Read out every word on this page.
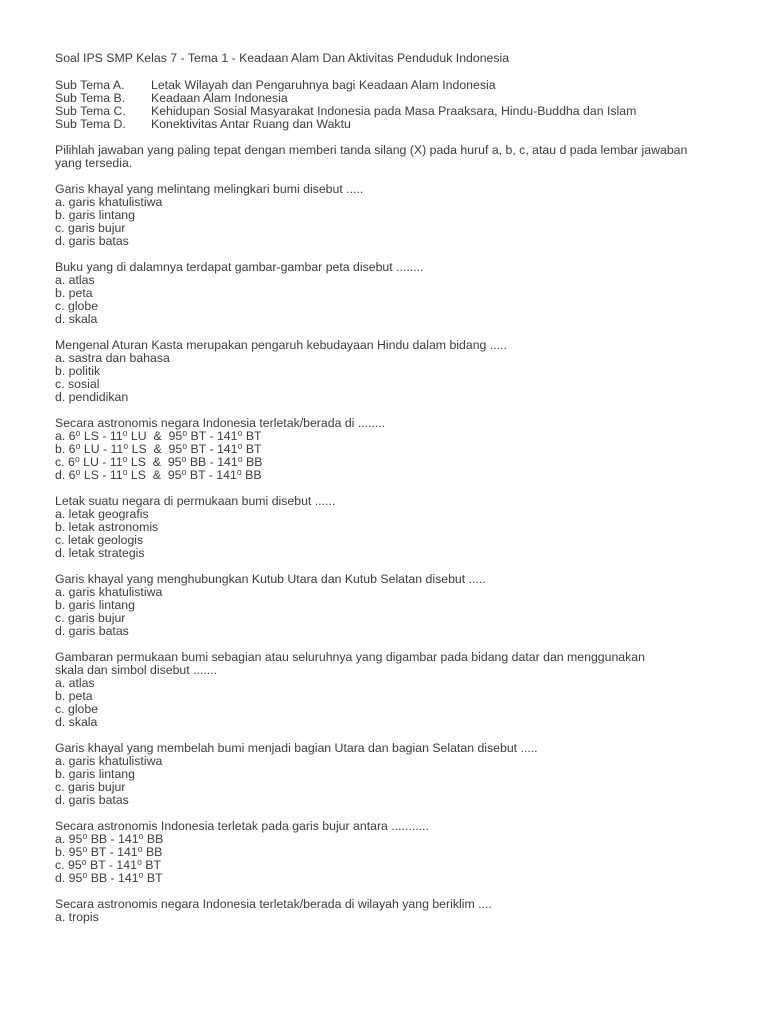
Soal IPS SMP Kelas 7 - Tema 1 - Keadaan Alam Dan Aktivitas Penduduk Indonesia
Sub Tema A. Letak Wilayah dan Pengaruhnya bagi Keadaan Alam Indonesia
Sub Tema B. Keadaan Alam Indonesia
Sub Tema C. Kehidupan Sosial Masyarakat Indonesia pada Masa Praaksara, Hindu-Buddha dan Islam
Sub Tema D. Konektivitas Antar Ruang dan Waktu

Pilihlah jawaban yang paling tepat dengan memberi tanda silang (X) pada huruf a, b, c, atau d pada lembar jawaban yang tersedia.

Garis khayal yang melintang melingkari bumi disebut .....

a. garis khatulistiwa
b. garis lintang
c. garis bujur
d. garis batas

Buku yang di dalamnya terdapat gambar-gambar peta disebut ........

a. atlas
b. peta
c. globe
d. skala

Mengenal Aturan Kasta merupakan pengaruh kebudayaan Hindu dalam bidang .....

a. sastra dan bahasa
b. politik
c. sosial
d. pendidikan

Secara astronomis negara Indonesia terletak/berada di ........

a. 6⁰ LS - 11⁰ LU  &  95⁰ BT - 141⁰ BT
b. 6⁰ LU - 11⁰ LS  &  95⁰ BT - 141⁰ BT
c. 6⁰ LU - 11⁰ LS  &  95⁰ BB - 141⁰ BB
d. 6⁰ LS - 11⁰ LS  &  95⁰ BT - 141⁰ BB

Letak suatu negara di permukaan bumi disebut ......

a. letak geografis
b. letak astronomis
c. letak geologis
d. letak strategis

Garis khayal yang menghubungkan Kutub Utara dan Kutub Selatan disebut .....

a. garis khatulistiwa
b. garis lintang
c. garis bujur
d. garis batas

Gambaran permukaan bumi sebagian atau seluruhnya yang digambar pada bidang datar dan menggunakan skala dan simbol disebut .......

a. atlas
b. peta
c. globe
d. skala

Garis khayal yang membelah bumi menjadi bagian Utara dan bagian Selatan disebut .....

a. garis khatulistiwa
b. garis lintang
c. garis bujur
d. garis batas

Secara astronomis Indonesia terletak pada garis bujur antara ...........

a. 95⁰ BB - 141⁰ BB
b. 95⁰ BT - 141⁰ BB
c. 95⁰ BT - 141⁰ BT
d. 95⁰ BB - 141⁰ BT

Secara astronomis negara Indonesia terletak/berada di wilayah yang beriklim ....

a. tropis
